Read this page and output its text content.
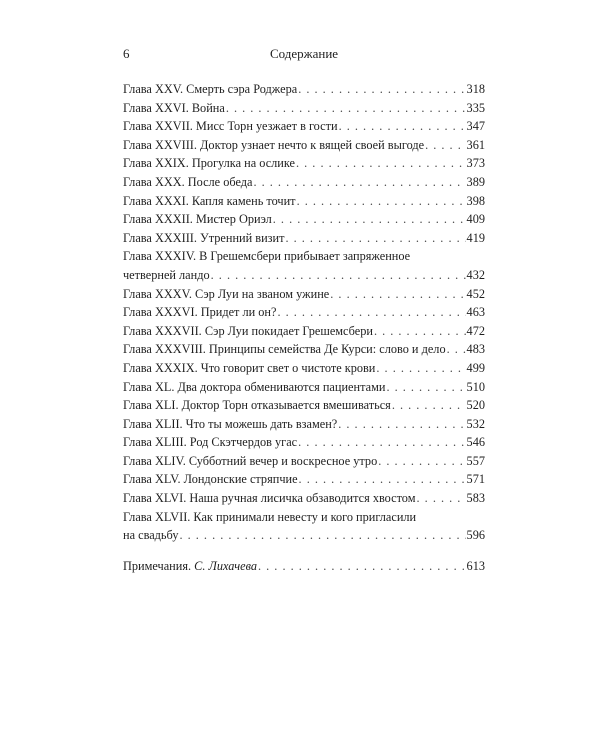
6	Содержание
Глава XXV. Смерть сэра Роджера . . .	318
Глава XXVI. Война . . .	335
Глава XXVII. Мисс Торн уезжает в гости . . .	347
Глава XXVIII. Доктор узнает нечто к вящей своей выгоде . . .	361
Глава XXIX. Прогулка на ослике . . .	373
Глава XXX. После обеда . . .	389
Глава XXXI. Капля камень точит . . .	398
Глава XXXII. Мистер Ориэл . . .	409
Глава XXXIII. Утренний визит . . .	419
Глава XXXIV. В Грешемсбери прибывает запряженное
четверней ландо . . .	432
Глава XXXV. Сэр Луи на званом ужине . . .	452
Глава XXXVI. Придет ли он? . . .	463
Глава XXXVII. Сэр Луи покидает Грешемсбери . . .	472
Глава XXXVIII. Принципы семейства Де Курси: слово и дело . . . 483
Глава XXXIX. Что говорит свет о чистоте крови . . .	499
Глава XL. Два доктора обмениваются пациентами . . .	510
Глава XLI. Доктор Торн отказывается вмешиваться . . .	520
Глава XLII. Что ты можешь дать взамен? . . .	532
Глава XLIII. Род Скэтчердов угас . . .	546
Глава XLIV. Субботний вечер и воскресное утро . . .	557
Глава XLV. Лондонские стряпчие . . .	571
Глава XLVI. Наша ручная лисичка обзаводится хвостом . . .	583
Глава XLVII. Как принимали невесту и кого пригласили
на свадьбу . . .	596
Примечания. С. Лихачева . . .	613
